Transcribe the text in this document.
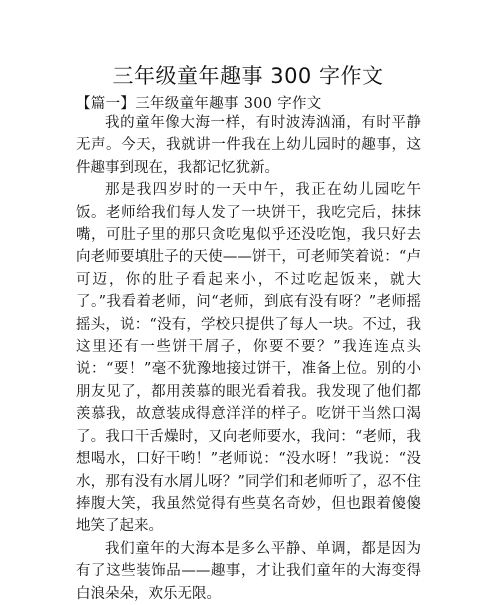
三年级童年趣事 300 字作文
【篇一】三年级童年趣事 300 字作文

我的童年像大海一样，有时波涛汹涌，有时平静无声。今天，我就讲一件我在上幼儿园时的趣事，这件趣事到现在，我都记忆犹新。

那是我四岁时的一天中午，我正在幼儿园吃午饭。老师给我们每人发了一块饼干，我吃完后，抹抹嘴，可肚子里的那只贪吃鬼似乎还没吃饱，我只好去向老师要填肚子的天使——饼干，可老师笑着说：“卢可迈，你的肚子看起来小，不过吃起饭来，就大了。”我看着老师，问“老师，到底有没有呀？”老师摇摇头，说：“没有，学校只提供了每人一块。不过，我这里还有一些饼干屑子，你要不要？”我连连点头说：“要！”毫不犹豫地接过饼干，准备上位。别的小朋友见了，都用羡慕的眼光看着我。我发现了他们都羡慕我，故意装成得意洋洋的样子。吃饼干当然口渴了。我口干舌燥时，又向老师要水，我问：“老师，我想喝水，口好干哟！”老师说：“没水呀！”我说：“没水，那有没有水屑儿呀？”同学们和老师听了，忍不住捧腹大笑，我虽然觉得有些莫名奇妙，但也跟着傻傻地笑了起来。

我们童年的大海本是多么平静、单调，都是因为有了这些装饰品——趣事，才让我们童年的大海变得白浪朵朵，欢乐无限。
